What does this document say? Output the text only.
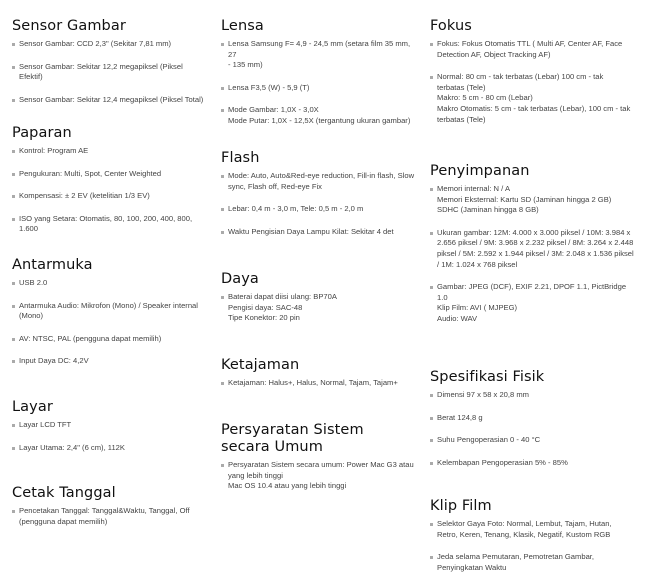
Sensor Gambar
Sensor Gambar: CCD 2,3" (Sekitar 7,81 mm)
Sensor Gambar: Sekitar 12,2 megapiksel (Piksel Efektif)
Sensor Gambar: Sekitar 12,4 megapiksel (Piksel Total)
Paparan
Kontrol: Program AE
Pengukuran: Multi, Spot, Center Weighted
Kompensasi: ± 2 EV (ketelitian 1/3 EV)
ISO yang Setara: Otomatis, 80, 100, 200, 400, 800, 1.600
Antarmuka
USB 2.0
Antarmuka Audio: Mikrofon (Mono) / Speaker internal
(Mono)
AV: NTSC, PAL (pengguna dapat memilih)
Input Daya DC: 4,2V
Layar
Layar LCD TFT
Layar Utama: 2,4" (6 cm), 112K
Cetak Tanggal
Pencetakan Tanggal: Tanggal&Waktu, Tanggal, Off
(pengguna dapat memilih)
Lensa
Lensa Samsung F= 4,9 - 24,5 mm (setara film 35 mm, 27
- 135 mm)
Lensa F3,5 (W) - 5,9 (T)
Mode Gambar: 1,0X - 3,0X
Mode Putar: 1,0X - 12,5X (tergantung ukuran gambar)
Flash
Mode: Auto, Auto&Red-eye reduction, Fill-in flash, Slow
sync, Flash off, Red-eye Fix
Lebar: 0,4 m - 3,0 m, Tele: 0,5 m - 2,0 m
Waktu Pengisian Daya Lampu Kilat: Sekitar 4 det
Daya
Baterai dapat diisi ulang: BP70A
Pengisi daya: SAC-48
Tipe Konektor: 20 pin
Ketajaman
Ketajaman: Halus+, Halus, Normal, Tajam, Tajam+
Persyaratan Sistem secara Umum
Persyaratan Sistem secara umum: Power Mac G3 atau
yang lebih tinggi
Mac OS 10.4 atau yang lebih tinggi
Fokus
Fokus: Fokus Otomatis TTL ( Multi AF, Center AF, Face
Detection AF, Object Tracking AF)
Normal: 80 cm - tak terbatas (Lebar) 100 cm - tak
terbatas (Tele)
Makro: 5 cm - 80 cm (Lebar)
Makro Otomatis: 5 cm - tak terbatas (Lebar), 100 cm - tak
terbatas (Tele)
Penyimpanan
Memori internal: N / A
Memori Eksternal: Kartu SD (Jaminan hingga 2 GB)
SDHC (Jaminan hingga 8 GB)
Ukuran gambar: 12M: 4.000 x 3.000 piksel / 10M: 3.984 x
2.656 piksel / 9M: 3.968 x 2.232 piksel / 8M: 3.264 x 2.448
piksel / 5M: 2.592 x 1.944 piksel / 3M: 2.048 x 1.536 piksel
/ 1M: 1.024 x 768 piksel
Gambar: JPEG (DCF), EXIF 2.21, DPOF 1.1, PictBridge
1.0
Klip Film: AVI ( MJPEG)
Audio: WAV
Spesifikasi Fisik
Dimensi 97 x 58 x 20,8 mm
Berat 124,8 g
Suhu Pengoperasian 0 - 40 °C
Kelembapan Pengoperasian 5% - 85%
Klip Film
Selektor Gaya Foto: Normal, Lembut, Tajam, Hutan,
Retro, Keren, Tenang, Klasik, Negatif, Kustom RGB
Jeda selama Pemutaran, Pemotretan Gambar,
Penyingkatan Waktu
